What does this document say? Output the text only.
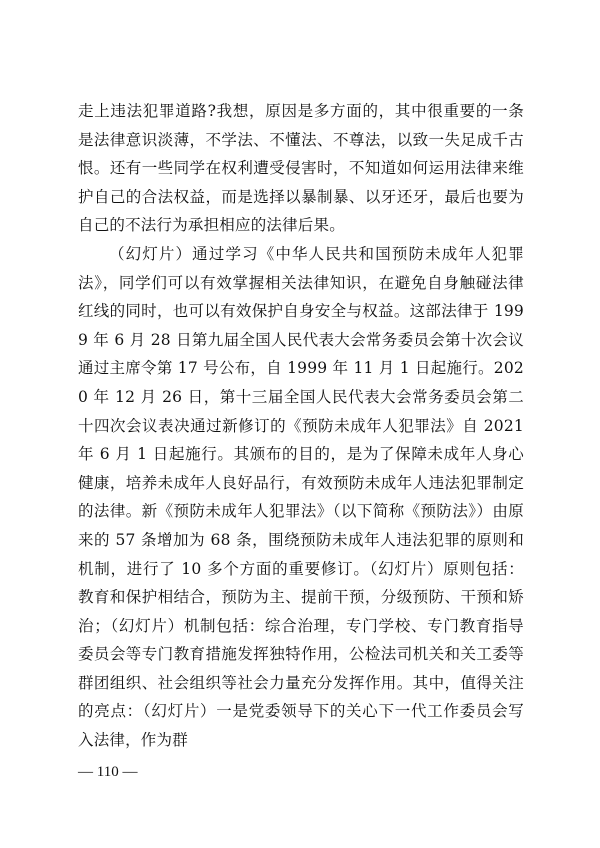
走上违法犯罪道路?我想，原因是多方面的，其中很重要的一条是法律意识淡薄，不学法、不懂法、不尊法，以致一失足成千古恨。还有一些同学在权利遭受侵害时，不知道如何运用法律来维护自己的合法权益，而是选择以暴制暴、以牙还牙，最后也要为自己的不法行为承担相应的法律后果。

（幻灯片）通过学习《中华人民共和国预防未成年人犯罪法》，同学们可以有效掌握相关法律知识，在避免自身触碰法律红线的同时，也可以有效保护自身安全与权益。这部法律于 1999 年 6 月 28 日第九届全国人民代表大会常务委员会第十次会议通过主席令第 17 号公布，自 1999 年 11 月 1 日起施行。2020 年 12 月 26 日，第十三届全国人民代表大会常务委员会第二十四次会议表决通过新修订的《预防未成年人犯罪法》自 2021 年 6 月 1 日起施行。其颁布的目的，是为了保障未成年人身心健康，培养未成年人良好品行，有效预防未成年人违法犯罪制定的法律。新《预防未成年人犯罪法》（以下简称《预防法》）由原来的 57 条增加为 68 条，围绕预防未成年人违法犯罪的原则和机制，进行了 10 多个方面的重要修订。（幻灯片）原则包括：教育和保护相结合，预防为主、提前干预，分级预防、干预和矫治；（幻灯片）机制包括：综合治理，专门学校、专门教育指导委员会等专门教育措施发挥独特作用，公检法司机关和关工委等群团组织、社会组织等社会力量充分发挥作用。其中，值得关注的亮点：（幻灯片）一是党委领导下的关心下一代工作委员会写入法律，作为群

— 110 —
